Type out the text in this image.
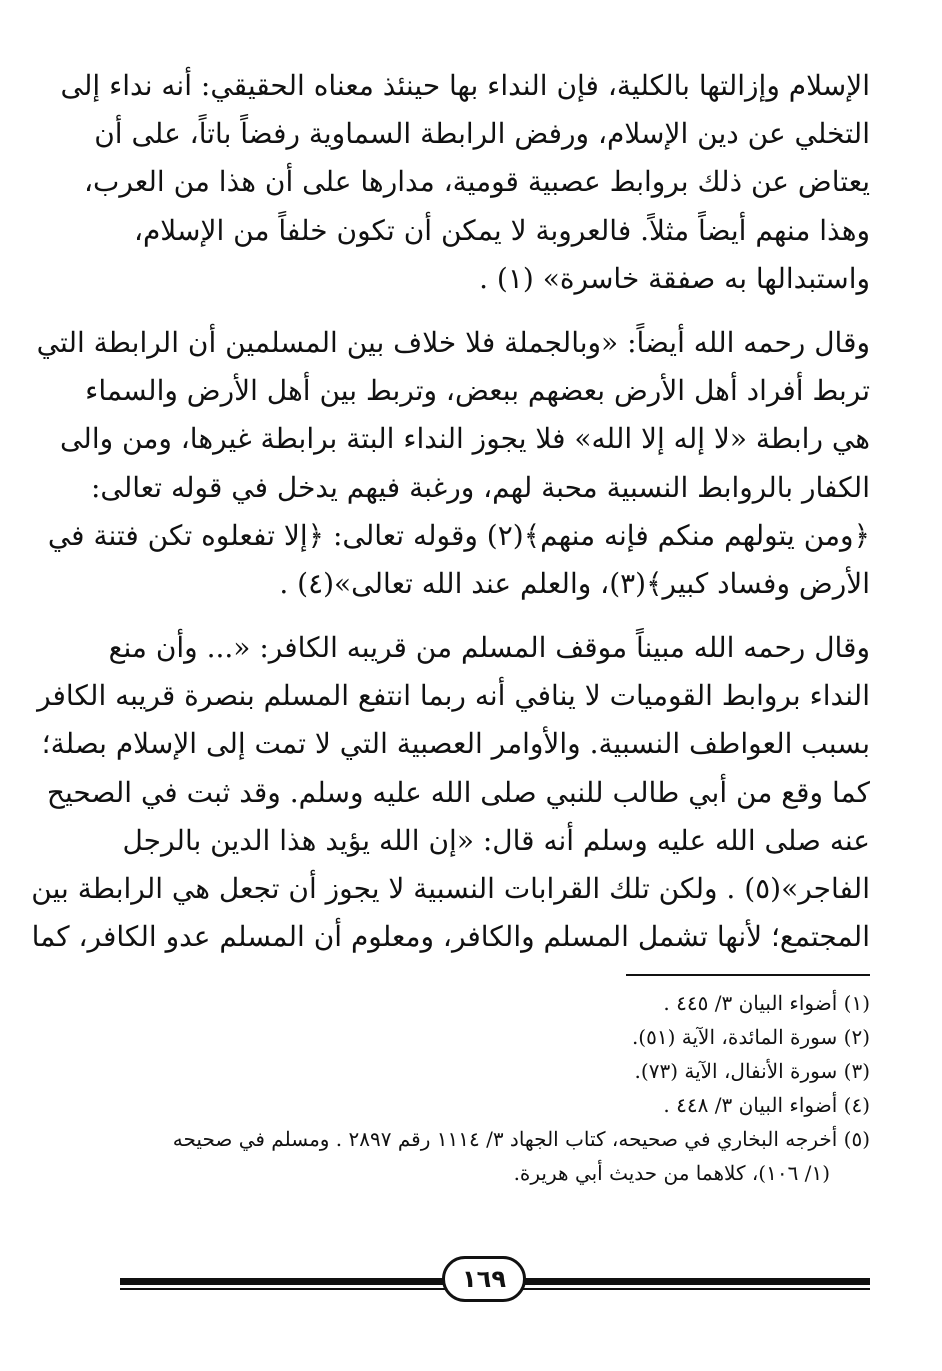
الإسلام وإزالتها بالكلية، فإن النداء بها حينئذ معناه الحقيقي: أنه نداء إلى
التخلي عن دين الإسلام، ورفض الرابطة السماوية رفضاً باتاً، على أن
يعتاض عن ذلك بروابط عصبية قومية، مدارها على أن هذا من العرب،
وهذا منهم أيضاً مثلاً. فالعروبة لا يمكن أن تكون خلفاً من الإسلام،
واستبدالها به صفقة خاسرة» (١) .
وقال رحمه الله أيضاً: «وبالجملة فلا خلاف بين المسلمين أن الرابطة التي
تربط أفراد أهل الأرض بعضهم ببعض، وتربط بين أهل الأرض والسماء
هي رابطة «لا إله إلا الله» فلا يجوز النداء البتة برابطة غيرها، ومن والى
الكفار بالروابط النسبية محبة لهم، ورغبة فيهم يدخل في قوله تعالى:
﴿ومن يتولهم منكم فإنه منهم﴾(٢) وقوله تعالى: ﴿إلا تفعلوه تكن فتنة في
الأرض وفساد كبير﴾(٣)، والعلم عند الله تعالى»(٤) .
وقال رحمه الله مبيناً موقف المسلم من قريبه الكافر: «... وأن منع
النداء بروابط القوميات لا ينافي أنه ربما انتفع المسلم بنصرة قريبه الكافر
بسبب العواطف النسبية. والأوامر العصبية التي لا تمت إلى الإسلام بصلة؛
كما وقع من أبي طالب للنبي صلى الله عليه وسلم. وقد ثبت في الصحيح
عنه صلى الله عليه وسلم أنه قال: «إن الله يؤيد هذا الدين بالرجل
الفاجر»(٥) . ولكن تلك القرابات النسبية لا يجوز أن تجعل هي الرابطة بين
المجتمع؛ لأنها تشمل المسلم والكافر، ومعلوم أن المسلم عدو الكافر، كما
(١) أضواء البيان ٣/ ٤٤٥ .
(٢) سورة المائدة، الآية (٥١).
(٣) سورة الأنفال، الآية (٧٣).
(٤) أضواء البيان ٣/ ٤٤٨ .
(٥) أخرجه البخاري في صحيحه، كتاب الجهاد ٣/ ١١١٤ رقم ٢٨٩٧ . ومسلم في صحيحه
(١/ ١٠٦)، كلاهما من حديث أبي هريرة.
١٦٩
